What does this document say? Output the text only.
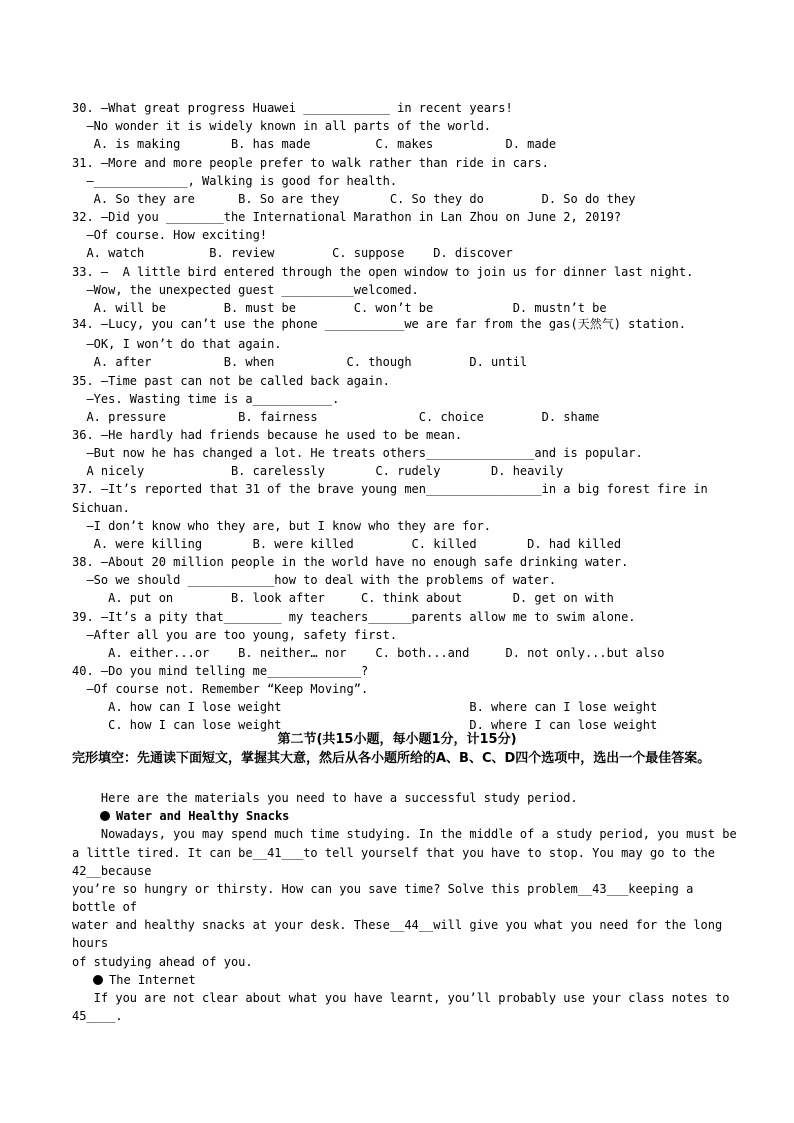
30. —What great progress Huawei ____________ in recent years!
—No wonder it is widely known in all parts of the world.
A. is making       B. has made         C. makes          D. made
31. —More and more people prefer to walk rather than ride in cars.
—_____________, Walking is good for health.
A. So they are      B. So are they       C. So they do        D. So do they
32. —Did you ________the International Marathon in Lan Zhou on June 2, 2019?
—Of course. How exciting!
A. watch         B. review        C. suppose    D. discover
33. —  A little bird entered through the open window to join us for dinner last night.
—Wow, the unexpected guest __________welcomed.
A. will be        B. must be        C. won’t be           D. mustn’t be
34. —Lucy, you can’t use the phone ___________we are far from the gas(天然气) station.
—OK, I won’t do that again.
A. after          B. when          C. though        D. until
35. —Time past can not be called back again.
—Yes. Wasting time is a___________.
A. pressure          B. fairness              C. choice        D. shame
36. —He hardly had friends because he used to be mean.
—But now he has changed a lot. He treats others_______________and is popular.
A nicely            B. carelessly       C. rudely       D. heavily
37. —It’s reported that 31 of the brave young men________________in a big forest fire in
Sichuan.
—I don’t know who they are, but I know who they are for.
A. were killing       B. were killed        C. killed       D. had killed
38. —About 20 million people in the world have no enough safe drinking water.
—So we should ____________how to deal with the problems of water.
A. put on        B. look after     C. think about       D. get on with
39. —It’s a pity that________ my teachers______parents allow me to swim alone.
—After all you are too young, safety first.
A. either...or    B. neither… nor    C. both...and     D. not only...but also
40. —Do you mind telling me_____________?
—Of course not. Remember “Keep Moving”.
A. how can I lose weight                          B. where can I lose weight
C. how I can lose weight                          D. where I can lose weight
第二节(共15小题，每小题1分，计15分)
完形填空：先通读下面短文，掌握其大意，然后从各小题所给的A、B、C、D四个选项中，选出一个最佳答案。
Here are the materials you need to have a successful study period.
Water and Healthy Snacks
Nowadays, you may spend much time studying. In the middle of a study period, you must be
a little tired. It can be__41___to tell yourself that you have to stop. You may go to the
42__because
you’re so hungry or thirsty. How can you save time? Solve this problem__43___keeping a
bottle of
water and healthy snacks at your desk. These__44__will give you what you need for the long
hours
of studying ahead of you.
The Internet
If you are not clear about what you have learnt, you’ll probably use your class notes to
45____.
